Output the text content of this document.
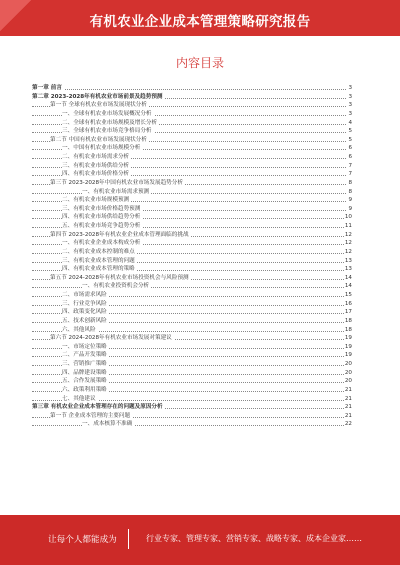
有机农业企业成本管理策略研究报告
内容目录
第一章 前言	3
第二章 2023-2028年有机农业市场前景及趋势预测	3
第一节 全球有机农业市场发展现状分析	3
一、全球有机农业市场发展概况分析	3
二、全球有机农业市场规模及增长分析	4
三、全球有机农业市场竞争格局分析	5
第二节 中国有机农业市场发展现状分析	5
一、中国有机农业市场规模分析	6
二、有机农业市场需求分析	6
三、有机农业市场供给分析	7
四、有机农业市场价格分析	7
第三节 2023-2028年中国有机农业市场发展趋势分析	8
一、有机农业市场需求预测	8
二、有机农业市场规模预测	9
三、有机农业市场价格趋势预测	9
四、有机农业市场供给趋势分析	10
五、有机农业市场竞争趋势分析	11
第四节 2023-2028年有机农业企业成本管理面临的挑战	12
一、有机农业企业成本构成分析	12
二、有机农业成本控制的难点	12
三、有机农业成本管理的问题	13
四、有机农业成本管理的策略	13
第五节 2024-2028年有机农业市场投资机会与风险预测	14
一、有机农业投资机会分析	14
二、市场需求风险	15
三、行业竞争风险	16
四、政策变化风险	17
五、技术创新风险	18
六、其他风险	18
第六节 2024-2028年有机农业市场发展对策建议	19
一、市场定位策略	19
二、产品开发策略	19
三、营销推广策略	20
四、品牌建设策略	20
五、合作发展策略	20
六、政策利用策略	21
七、其他建议	21
第三章 有机农业企业成本管理存在的问题及原因分析	21
第一节 企业成本管理的主要问题	21
一、成本核算不准确	22
让每个人都能成为	行业专家、管理专家、营销专家、战略专家、成本企业家……
